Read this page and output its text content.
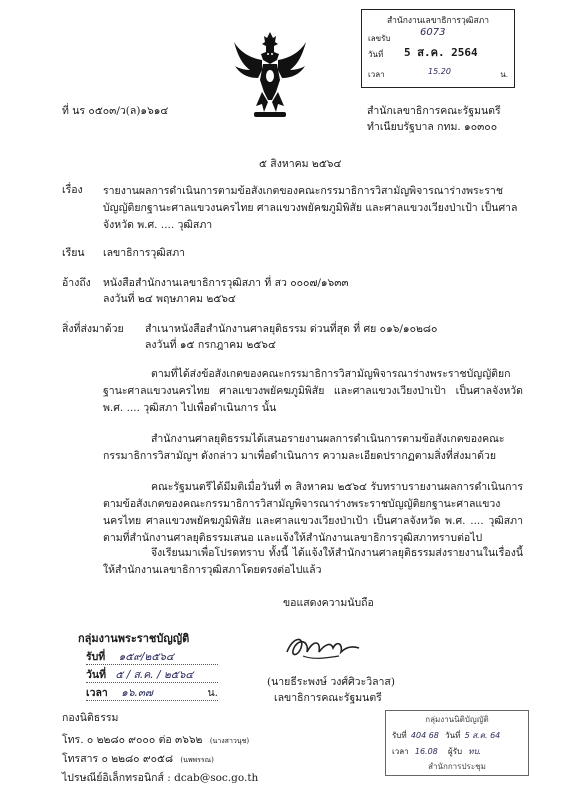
สำนักงานเลขาธิการวุฒิสภา
เลขรับ
6073
วันที่ 5 ส.ค. 2564
เวลา	15.20	น.
ที่ นร ๐๕๐๓/ว(ล)๑๖๑๔	สำนักเลขาธิการคณะรัฐมนตรี
ทำเนียบรัฐบาล กทม. ๑๐๓๐๐
๕ สิงหาคม ๒๕๖๔
เรื่อง รายงานผลการดำเนินการตามข้อสังเกตของคณะกรรมาธิการวิสามัญพิจารณาร่างพระราชบัญญัติยกฐานะศาลแขวงนครไทย ศาลแขวงพยัคฆภูมิพิสัย และศาลแขวงเวียงป่าเป้า เป็นศาลจังหวัด พ.ศ. .... วุฒิสภา
เรียน เลขาธิการวุฒิสภา
อ้างถึง หนังสือสำนักงานเลขาธิการวุฒิสภา ที่ สว ๐๐๐๗/๑๖๓๓
ลงวันที่ ๒๔ พฤษภาคม ๒๕๖๔
สิ่งที่ส่งมาด้วย สำเนาหนังสือสำนักงานศาลยุติธรรม ด่วนที่สุด ที่ ศย ๐๑๖/๑๐๒๘๐
ลงวันที่ ๑๕ กรกฎาคม ๒๕๖๔

ตามที่ได้ส่งข้อสังเกตของคณะกรรมาธิการวิสามัญพิจารณาร่างพระราชบัญญัติยกฐานะศาลแขวงนครไทย ศาลแขวงพยัคฆภูมิพิสัย และศาลแขวงเวียงป่าเป้า เป็นศาลจังหวัด พ.ศ. .... วุฒิสภา ไปเพื่อดำเนินการ นั้น

สำนักงานศาลยุติธรรมได้เสนอรายงานผลการดำเนินการตามข้อสังเกตของคณะกรรมาธิการวิสามัญฯ ดังกล่าว มาเพื่อดำเนินการ ความละเอียดปรากฏตามสิ่งที่ส่งมาด้วย

คณะรัฐมนตรีได้มีมติเมื่อวันที่ ๓ สิงหาคม ๒๕๖๔ รับทราบรายงานผลการดำเนินการตามข้อสังเกตของคณะกรรมาธิการวิสามัญพิจารณาร่างพระราชบัญญัติยกฐานะศาลแขวงนครไทย ศาลแขวงพยัคฆภูมิพิสัย และศาลแขวงเวียงป่าเป้า เป็นศาลจังหวัด พ.ศ. .... วุฒิสภา ตามที่สำนักงานศาลยุติธรรมเสนอ และแจ้งให้สำนักงานเลขาธิการวุฒิสภาทราบต่อไป

จึงเรียนมาเพื่อโปรดทราบ ทั้งนี้ ได้แจ้งให้สำนักงานศาลยุติธรรมส่งรายงานในเรื่องนี้ให้สำนักงานเลขาธิการวุฒิสภาโดยตรงต่อไปแล้ว

ขอแสดงความนับถือ
(นายธีระพงษ์ วงศ์ศิวะวิลาส)
เลขาธิการคณะรัฐมนตรี
กลุ่มงานพระราชบัญญัติ
รับที่ ๑๕๙/๒๕๖๔
วันที่ ๕ / ส.ค. / ๒๕๖๔
เวลา ๑๖.๓๗	น.
กองนิติธรรม
โทร. ๐ ๒๒๘๐ ๙๐๐๐ ต่อ ๓๖๖๒ (นางสาวนุช)
โทรสาร ๐ ๒๒๘๐ ๙๐๕๘ (นพพรรณ)
ไปรษณีย์อิเล็กทรอนิกส์ : dcab@soc.go.th
กลุ่มงานนิติบัญญัติ
รับที่ 404 68 วันที่ 5 ส.ค. 64
เวลา 16.08 ผู้รับ ทบ.
สำนักการประชุม
